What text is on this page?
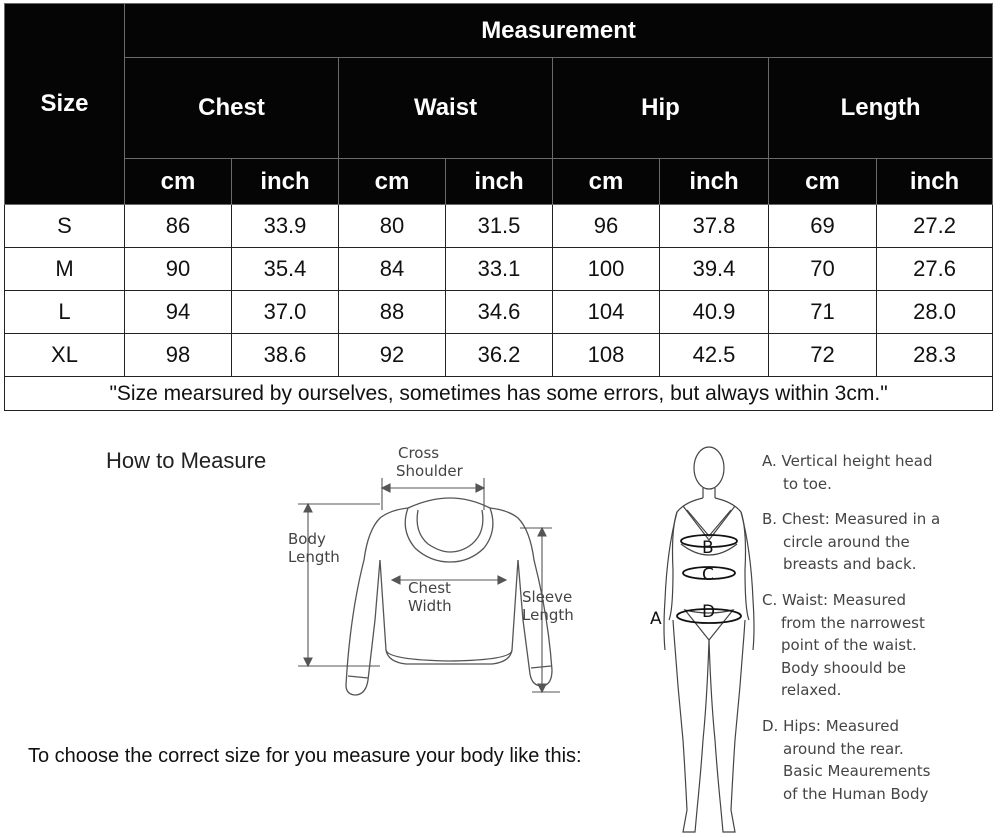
Size	Measurement							
	Chest		Waist		Hip		Length	
	cm	inch	cm	inch	cm	inch	cm	inch
S	86	33.9	80	31.5	96	37.8	69	27.2
M	90	35.4	84	33.1	100	39.4	70	27.6
L	94	37.0	88	34.6	104	40.9	71	28.0
XL	98	38.6	92	36.2	108	42.5	72	28.3
"Size mearsured by ourselves, sometimes has some errors, but always within 3cm."								
How to Measure	Cross
Shoulder
Body
Length
Chest
Width	Sleeve
Length
To choose the correct size for you measure your body like this:
B
C
D
A
A. Vertical height head
to toe.
B. Chest: Measured in a
circle around the
breasts and back.
C. Waist: Measured
from the narrowest
point of the waist.
Body shoould be
relaxed.
D. Hips: Measured
around the rear.
Basic Meaurements
of the Human Body
